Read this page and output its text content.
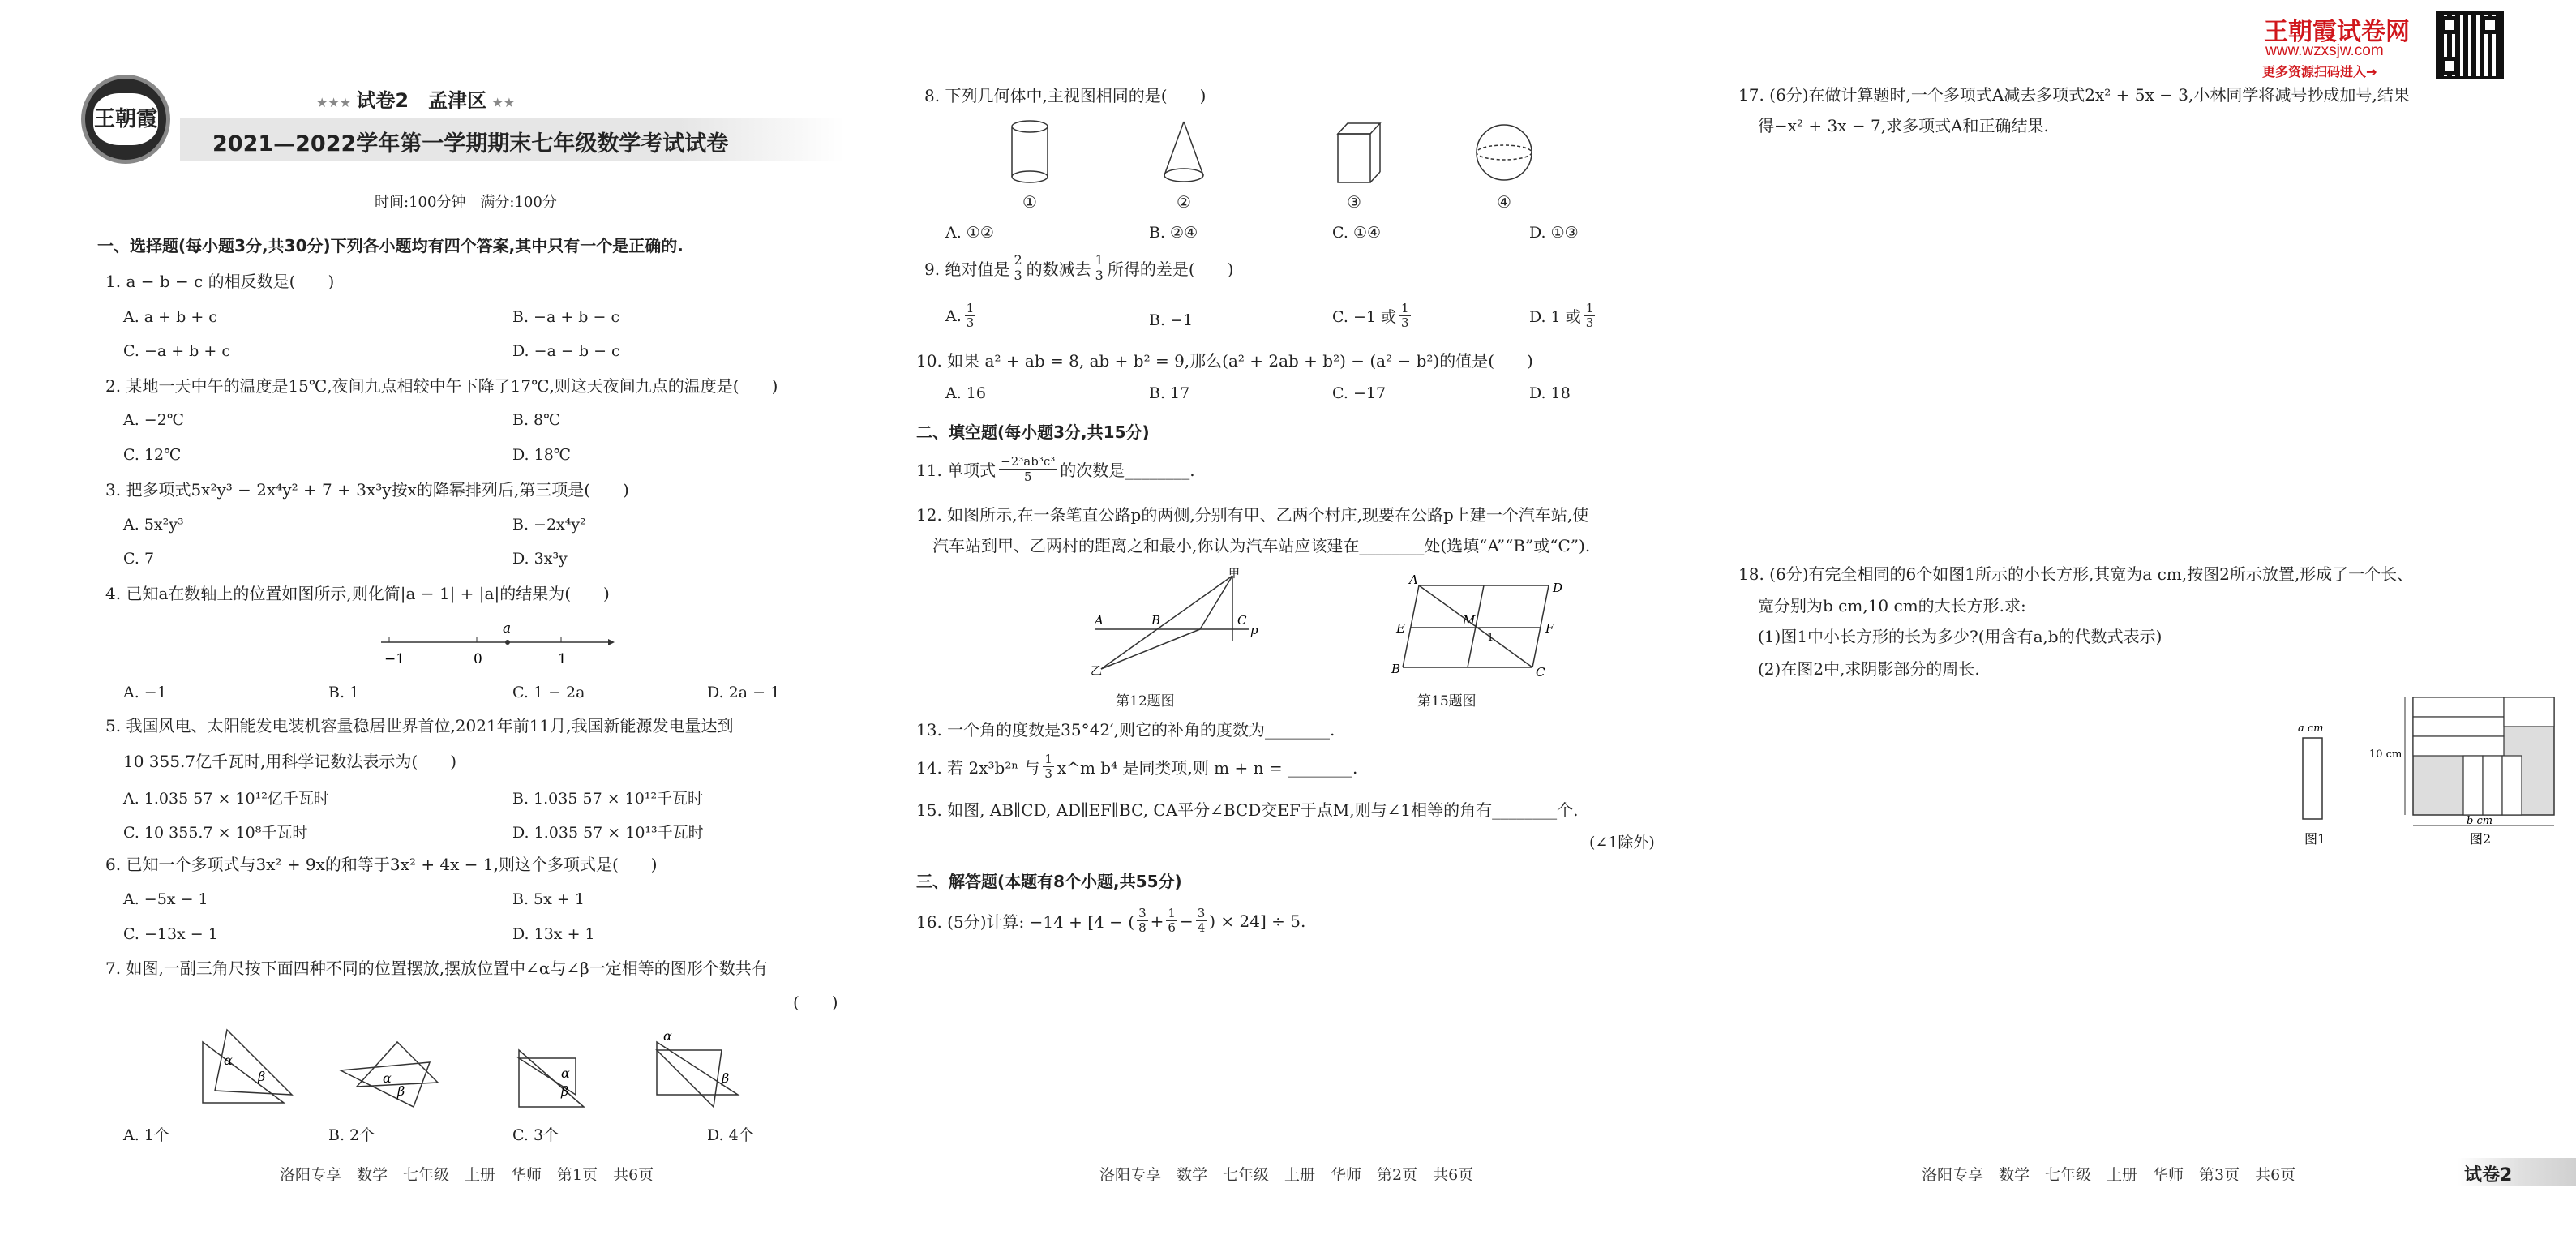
王朝霞
★★★ 试卷2　孟津区 ★★
2021—2022学年第一学期期末七年级数学考试试卷
时间:100分钟　满分:100分
一、选择题(每小题3分,共30分)下列各小题均有四个答案,其中只有一个是正确的.
1. a − b − c 的相反数是(　　)
A. a + b + c	B. −a + b − c
C. −a + b + c	D. −a − b − c
2. 某地一天中午的温度是15℃,夜间九点相较中午下降了17℃,则这天夜间九点的温度是(　　)
A. −2℃	B. 8℃
C. 12℃	D. 18℃
3. 把多项式5x²y³ − 2x⁴y² + 7 + 3x³y按x的降幂排列后,第三项是(　　)
A. 5x²y³	B. −2x⁴y²
C. 7	D. 3x³y
4. 已知a在数轴上的位置如图所示,则化简|a − 1| + |a|的结果为(　　)
−1	0
a
1
A. −1	B. 1	C. 1 − 2a	D. 2a − 1
5. 我国风电、太阳能发电装机容量稳居世界首位,2021年前11月,我国新能源发电量达到
10 355.7亿千瓦时,用科学记数法表示为(　　)
A. 1.035 57 × 10¹²亿千瓦时	B. 1.035 57 × 10¹²千瓦时
C. 10 355.7 × 10⁸千瓦时	D. 1.035 57 × 10¹³千瓦时
6. 已知一个多项式与3x² + 9x的和等于3x² + 4x − 1,则这个多项式是(　　)
A. −5x − 1	B. 5x + 1
C. −13x − 1	D. 13x + 1
7. 如图,一副三角尺按下面四种不同的位置摆放,摆放位置中∠α与∠β一定相等的图形个数共有
(　　)
α
β	α
β
α
β
α
β
A. 1个	B. 2个	C. 3个	D. 4个
洛阳专享　数学　七年级　上册　华师　第1页　共6页
8. 下列几何体中,主视图相同的是(　　)
①	②	③	④
A. ①②	B. ②④	C. ①④	D. ①③
9. 绝对值是 $\frac{2}{3}$ 的数减去 $\frac{1}{3}$ 所得的差是(　　)
A. $\frac{1}{3}$	B. −1	C. −1 或 $\frac{1}{3}$	D. 1 或 $\frac{1}{3}$
10. 如果 a² + ab = 8, ab + b² = 9,那么(a² + 2ab + b²) − (a² − b²)的值是(　　)
A. 16	B. 17	C. −17	D. 18
二、填空题(每小题3分,共15分)
11. 单项式 $\frac{\text{−2³ab³c³}}{5}$ 的次数是________.
12. 如图所示,在一条笔直公路p的两侧,分别有甲、乙两个村庄,现要在公路p上建一个汽车站,使
汽车站到甲、乙两村的距离之和最小,你认为汽车站应该建在________处(选填“A”“B”或“C”).
甲
A	B	C
p
乙
第12题图
A
D
E
M
1
F
B	C
第15题图
13. 一个角的度数是35°42′,则它的补角的度数为________.
14. 若 2x³b²ⁿ 与 $\frac{1}{3}$ x^m b⁴ 是同类项,则 m + n = ________.
15. 如图, AB∥CD, AD∥EF∥BC, CA平分∠BCD交EF于点M,则与∠1相等的角有________个.
(∠1除外)
三、解答题(本题有8个小题,共55分)
16. (5分)计算: −14 + [4 − ( $\frac{3}{8} + \frac{1}{6} - \frac{3}{4}$ ) × 24] ÷ 5.
洛阳专享　数学　七年级　上册　华师　第2页　共6页
王朝霞试卷网
www.wzxsjw.com
更多资源扫码进入→
17. (6分)在做计算题时,一个多项式A减去多项式2x² + 5x − 3,小林同学将减号抄成加号,结果
得−x² + 3x − 7,求多项式A和正确结果.
18. (6分)有完全相同的6个如图1所示的小长方形,其宽为a cm,按图2所示放置,形成了一个长、
宽分别为b cm,10 cm的大长方形.求:
(1)图1中小长方形的长为多少?(用含有a,b的代数式表示)
(2)在图2中,求阴影部分的周长.
a cm
10 cm
b cm
图1	图2
洛阳专享　数学　七年级　上册　华师　第3页　共6页	试卷2
